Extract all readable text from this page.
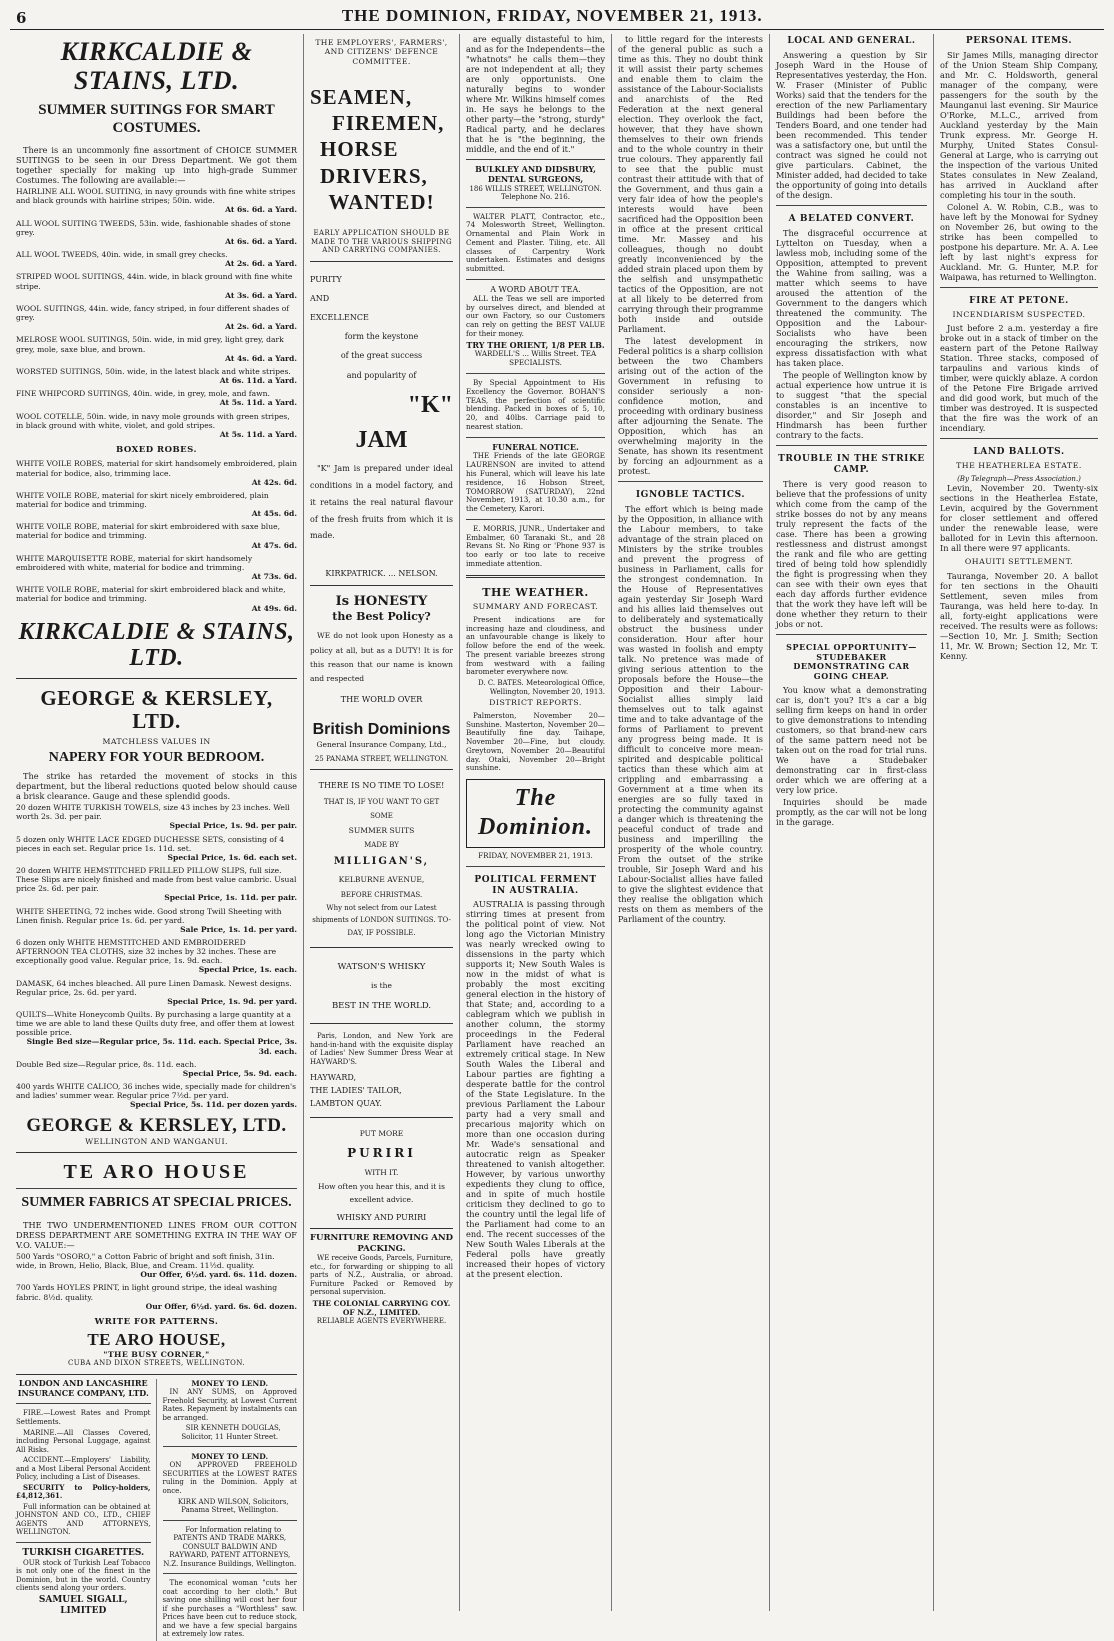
6	THE DOMINION, FRIDAY, NOVEMBER 21, 1913.
KIRKCALDIE & STAINS, LTD.
SUMMER SUITINGS FOR SMART COSTUMES.

There is an uncommonly fine assortment of CHOICE SUMMER SUITINGS to be seen in our Dress Department. We got them together specially for making up into high-grade Summer Costumes. The following are available:—

HAIRLINE ALL WOOL SUITING, in navy grounds with fine white stripes and black grounds with hairline stripes; 50in. wide.
At 6s. 6d. a Yard.
ALL WOOL SUITING TWEEDS, 53in. wide, fashionable shades of stone grey.
At 6s. 6d. a Yard.
ALL WOOL TWEEDS, 40in. wide, in small grey checks.
At 2s. 6d. a Yard.
STRIPED WOOL SUITINGS, 44in. wide, in black ground with fine white stripe.
At 3s. 6d. a Yard.
WOOL SUITINGS, 44in. wide, fancy striped, in four different shades of grey.
At 2s. 6d. a Yard.
MELROSE WOOL SUITINGS, 50in. wide, in mid grey, light grey, dark grey, mole, saxe blue, and brown.
At 4s. 6d. a Yard.
WORSTED SUITINGS, 50in. wide, in the latest black and white stripes.
At 6s. 11d. a Yard.
FINE WHIPCORD SUITINGS, 40in. wide, in grey, mole, and fawn.
At 5s. 11d. a Yard.
WOOL COTELLE, 50in. wide, in navy mole grounds with green stripes, in black ground with white, violet, and gold stripes.
At 5s. 11d. a Yard.
BOXED ROBES.
WHITE VOILE ROBES, material for skirt handsomely embroidered, plain material for bodice, also, trimming lace.
At 42s. 6d.
WHITE VOILE ROBE, material for skirt nicely embroidered, plain material for bodice and trimming.
At 45s. 6d.
WHITE VOILE ROBE, material for skirt embroidered with saxe blue, material for bodice and trimming.
At 47s. 6d.
WHITE MARQUISETTE ROBE, material for skirt handsomely embroidered with white, material for bodice and trimming.
At 73s. 6d.
WHITE VOILE ROBE, material for skirt embroidered black and white, material for bodice and trimming.
At 49s. 6d.
KIRKCALDIE & STAINS, LTD.
GEORGE & KERSLEY, LTD.
MATCHLESS VALUES IN
NAPERY FOR YOUR BEDROOM.

The strike has retarded the movement of stocks in this department, but the liberal reductions quoted below should cause a brisk clearance. Gauge and these splendid goods.

20 dozen WHITE TURKISH TOWELS, size 43 inches by 23 inches. Well worth 2s. 3d. per pair.
Special Price, 1s. 9d. per pair.
5 dozen only WHITE LACE EDGED DUCHESSE SETS, consisting of 4 pieces in each set. Regular price 1s. 11d. set.
Special Price, 1s. 6d. each set.
20 dozen WHITE HEMSTITCHED FRILLED PILLOW SLIPS, full size. These Slips are nicely finished and made from best value cambric. Usual price 2s. 6d. per pair.
Special Price, 1s. 11d. per pair.
WHITE SHEETING, 72 inches wide. Good strong Twill Sheeting with Linen finish. Regular price 1s. 6d. per yard.
Sale Price, 1s. 1d. per yard.
6 dozen only WHITE HEMSTITCHED AND EMBROIDERED AFTERNOON TEA CLOTHS, size 32 inches by 32 inches. These are exceptionally good value. Regular price, 1s. 9d. each.
Special Price, 1s. each.
DAMASK, 64 inches bleached. All pure Linen Damask. Newest designs. Regular price, 2s. 6d. per yard.
Special Price, 1s. 9d. per yard.
QUILTS—White Honeycomb Quilts. By purchasing a large quantity at a time we are able to land these Quilts duty free, and offer them at lowest possible price.
Single Bed size—Regular price, 5s. 11d. each. Special Price, 3s. 3d. each.
Double Bed size—Regular price, 8s. 11d. each.
Special Price, 5s. 9d. each.
400 yards WHITE CALICO, 36 inches wide, specially made for children's and ladies' summer wear. Regular price 7½d. per yard.
Special Price, 5s. 11d. per dozen yards.
GEORGE & KERSLEY, LTD.
WELLINGTON AND WANGANUI.
TE ARO HOUSE
SUMMER FABRICS AT SPECIAL PRICES.

THE TWO UNDERMENTIONED LINES FROM OUR COTTON DRESS DEPARTMENT ARE SOMETHING EXTRA IN THE WAY OF V.O. VALUE:—

500 Yards "OSORO," a Cotton Fabric of bright and soft finish, 31in. wide, in Brown, Helio, Black, Blue, and Cream. 11½d. quality.
Our Offer, 6½d. yard. 6s. 11d. dozen.
700 Yards HOYLES PRINT, in light ground stripe, the ideal washing fabric. 8½d. quality.
Our Offer, 6½d. yard. 6s. 6d. dozen.
WRITE FOR PATTERNS.
TE ARO HOUSE,
"THE BUSY CORNER,"
CUBA AND DIXON STREETS, WELLINGTON.
LONDON AND LANCASHIRE INSURANCE COMPANY, LTD.

FIRE.—Lowest Rates and Prompt Settlements.

MARINE.—All Classes Covered, including Personal Luggage, against All Risks.

ACCIDENT.—Employers' Liability, and a Most Liberal Personal Accident Policy, including a List of Diseases.

SECURITY to Policy-holders, £4,812,361.

Full information can be obtained at JOHNSTON AND CO., LTD., CHIEF AGENTS AND ATTORNEYS, WELLINGTON.

TURKISH CIGARETTES.

OUR stock of Turkish Leaf Tobacco is not only one of the finest in the Dominion, but in the world. Country clients send along your orders.

SAMUEL SIGALL, LIMITED
MONEY TO LEND.

IN ANY SUMS, on Approved Freehold Security, at Lowest Current Rates. Repayment by instalments can be arranged.

SIR KENNETH DOUGLAS, Solicitor, 11 Hunter Street.

MONEY TO LEND.

ON APPROVED FREEHOLD SECURITIES at the LOWEST RATES ruling in the Dominion. Apply at once.

KIRK AND WILSON, Solicitors, Panama Street, Wellington.

For Information relating to PATENTS AND TRADE MARKS, CONSULT BALDWIN AND RAYWARD, PATENT ATTORNEYS, N.Z. Insurance Buildings, Wellington.

The economical woman "cuts her coat according to her cloth." But saving one shilling will cost her four if she purchases a "Worthless" saw. Prices have been cut to reduce stock, and we have a few special bargains at extremely low rates.

THE EMPLOYERS', FARMERS', AND CITIZENS' DEFENCE COMMITTEE.
SEAMEN,
FIREMEN,
HORSE DRIVERS,
WANTED!
EARLY APPLICATION SHOULD BE MADE TO THE VARIOUS SHIPPING AND CARRYING COMPANIES.
PURITY
AND
EXCELLENCE
form the keystone
of the great success
and popularity of
"K"
JAM

"K" Jam is prepared under ideal conditions in a model factory, and it retains the real natural flavour of the fresh fruits from which it is made.

KIRKPATRICK. ... NELSON.
Is HONESTY
the Best Policy?

WE do not look upon Honesty as a policy at all, but as a DUTY! It is for this reason that our name is known and respected

THE WORLD OVER
British Dominions
General Insurance Company, Ltd.,
25 PANAMA STREET, WELLINGTON.
THERE IS NO TIME TO LOSE!
THAT IS, IF YOU WANT TO GET
SOME
SUMMER SUITS
MADE BY
MILLIGAN'S,
KELBURNE AVENUE,
BEFORE CHRISTMAS.

Why not select from our Latest shipments of LONDON SUITINGS. TO-DAY, IF POSSIBLE.

WATSON'S WHISKY
is the
BEST IN THE WORLD.

Paris, London, and New York are hand-in-hand with the exquisite display of Ladies' New Summer Dress Wear at HAYWARD'S.

HAYWARD,
THE LADIES' TAILOR,
LAMBTON QUAY.
PUT MORE
PURIRI
WITH IT.

How often you hear this, and it is excellent advice.

WHISKY AND PURIRI
FURNITURE REMOVING AND PACKING.

WE receive Goods, Parcels, Furniture, etc., for forwarding or shipping to all parts of N.Z., Australia, or abroad. Furniture Packed or Removed by personal supervision.

THE COLONIAL CARRYING COY. OF N.Z., LIMITED.
RELIABLE AGENTS EVERYWHERE.

are equally distasteful to him, and as for the Independents—the "whatnots" he calls them—they are not independent at all; they are only opportunists. One naturally begins to wonder where Mr. Wilkins himself comes in. He says he belongs to the other party—the "strong, sturdy" Radical party, and he declares that he is "the beginning, the middle, and the end of it."

BULKLEY AND DIDSBURY, DENTAL SURGEONS,
186 WILLIS STREET, WELLINGTON. Telephone No. 216.

WALTER PLATT, Contractor, etc., 74 Molesworth Street, Wellington. Ornamental and Plain Work in Cement and Plaster. Tiling, etc. All classes of Carpentry Work undertaken. Estimates and designs submitted.

A WORD ABOUT TEA.

ALL the Teas we sell are imported by ourselves direct, and blended at our own Factory, so our Customers can rely on getting the BEST VALUE for their money.

TRY THE ORIENT, 1/8 PER LB.
WARDELL'S ... Willis Street. TEA SPECIALISTS.

By Special Appointment to His Excellency the Governor. BOHAN'S TEAS, the perfection of scientific blending. Packed in boxes of 5, 10, 20, and 40lbs. Carriage paid to nearest station.

FUNERAL NOTICE.

THE Friends of the late GEORGE LAURENSON are invited to attend his Funeral, which will leave his late residence, 16 Hobson Street, TOMORROW (SATURDAY), 22nd November, 1913, at 10.30 a.m., for the Cemetery, Karori.

E. MORRIS, JUNR., Undertaker and Embalmer, 60 Taranaki St., and 28 Revans St. No Ring or 'Phone 937 is too early or too late to receive immediate attention.

THE WEATHER.
SUMMARY AND FORECAST.

Present indications are for increasing haze and cloudiness, and an unfavourable change is likely to follow before the end of the week. The present variable breezes strong from westward with a failing barometer everywhere now.

D. C. BATES. Meteorological Office, Wellington, November 20, 1913.

DISTRICT REPORTS.

Palmerston, November 20—Sunshine. Masterton, November 20—Beautifully fine day. Taihape, November 20—Fine, but cloudy. Greytown, November 20—Beautiful day. Otaki, November 20—Bright sunshine.

The Dominion.
FRIDAY, NOVEMBER 21, 1913.
POLITICAL FERMENT IN AUSTRALIA.

AUSTRALIA is passing through stirring times at present from the political point of view. Not long ago the Victorian Ministry was nearly wrecked owing to dissensions in the party which supports it; New South Wales is now in the midst of what is probably the most exciting general election in the history of that State; and, according to a cablegram which we publish in another column, the stormy proceedings in the Federal Parliament have reached an extremely critical stage. In New South Wales the Liberal and Labour parties are fighting a desperate battle for the control of the State Legislature. In the previous Parliament the Labour party had a very small and precarious majority which on more than one occasion during Mr. Wade's sensational and autocratic reign as Speaker threatened to vanish altogether. However, by various unworthy expedients they clung to office, and in spite of much hostile criticism they declined to go to the country until the legal life of the Parliament had come to an end. The recent successes of the New South Wales Liberals at the Federal polls have greatly increased their hopes of victory at the present election.

to little regard for the interests of the general public as such a time as this. They no doubt think it will assist their party schemes and enable them to claim the assistance of the Labour-Socialists and anarchists of the Red Federation at the next general election. They overlook the fact, however, that they have shown themselves to their own friends and to the whole country in their true colours. They apparently fail to see that the public must contrast their attitude with that of the Government, and thus gain a very fair idea of how the people's interests would have been sacrificed had the Opposition been in office at the present critical time. Mr. Massey and his colleagues, though no doubt greatly inconvenienced by the added strain placed upon them by the selfish and unsympathetic tactics of the Opposition, are not at all likely to be deterred from carrying through their programme both inside and outside Parliament.

The latest development in Federal politics is a sharp collision between the two Chambers arising out of the action of the Government in refusing to consider seriously a non-confidence motion, and proceeding with ordinary business after adjourning the Senate. The Opposition, which has an overwhelming majority in the Senate, has shown its resentment by forcing an adjournment as a protest.

IGNOBLE TACTICS.

The effort which is being made by the Opposition, in alliance with the Labour members, to take advantage of the strain placed on Ministers by the strike troubles and prevent the progress of business in Parliament, calls for the strongest condemnation. In the House of Representatives again yesterday Sir Joseph Ward and his allies laid themselves out to deliberately and systematically obstruct the business under consideration. Hour after hour was wasted in foolish and empty talk. No pretence was made of giving serious attention to the proposals before the House—the Opposition and their Labour-Socialist allies simply laid themselves out to talk against time and to take advantage of the forms of Parliament to prevent any progress being made. It is difficult to conceive more mean-spirited and despicable political tactics than these which aim at crippling and embarrassing a Government at a time when its energies are so fully taxed in protecting the community against a danger which is threatening the peaceful conduct of trade and business and imperilling the prosperity of the whole country. From the outset of the strike trouble, Sir Joseph Ward and his Labour-Socialist allies have failed to give the slightest evidence that they realise the obligation which rests on them as members of the Parliament of the country.

LOCAL AND GENERAL.

Answering a question by Sir Joseph Ward in the House of Representatives yesterday, the Hon. W. Fraser (Minister of Public Works) said that the tenders for the erection of the new Parliamentary Buildings had been before the Tenders Board, and one tender had been recommended. This tender was a satisfactory one, but until the contract was signed he could not give particulars. Cabinet, the Minister added, had decided to take the opportunity of going into details of the design.

A BELATED CONVERT.

The disgraceful occurrence at Lyttelton on Tuesday, when a lawless mob, including some of the Opposition, attempted to prevent the Wahine from sailing, was a matter which seems to have aroused the attention of the Government to the dangers which threatened the community. The Opposition and the Labour-Socialists who have been encouraging the strikers, now express dissatisfaction with what has taken place.

The people of Wellington know by actual experience how untrue it is to suggest "that the special constables is an incentive to disorder," and Sir Joseph and Hindmarsh has been further contrary to the facts.

TROUBLE IN THE STRIKE CAMP.

There is very good reason to believe that the professions of unity which come from the camp of the strike bosses do not by any means truly represent the facts of the case. There has been a growing restlessness and distrust amongst the rank and file who are getting tired of being told how splendidly the fight is progressing when they can see with their own eyes that each day affords further evidence that the work they have left will be done whether they return to their jobs or not.

SPECIAL OPPORTUNITY—STUDEBAKER DEMONSTRATING CAR GOING CHEAP.

You know what a demonstrating car is, don't you? It's a car a big selling firm keeps on hand in order to give demonstrations to intending customers, so that brand-new cars of the same pattern need not be taken out on the road for trial runs. We have a Studebaker demonstrating car in first-class order which we are offering at a very low price.

Inquiries should be made promptly, as the car will not be long in the garage.

PERSONAL ITEMS.

Sir James Mills, managing director of the Union Steam Ship Company, and Mr. C. Holdsworth, general manager of the company, were passengers for the south by the Maunganui last evening. Sir Maurice O'Rorke, M.L.C., arrived from Auckland yesterday by the Main Trunk express. Mr. George H. Murphy, United States Consul-General at Large, who is carrying out the inspection of the various United States consulates in New Zealand, has arrived in Auckland after completing his tour in the south.

Colonel A. W. Robin, C.B., was to have left by the Monowai for Sydney on November 26, but owing to the strike has been compelled to postpone his departure. Mr. A. A. Lee left by last night's express for Auckland. Mr. G. Hunter, M.P. for Waipawa, has returned to Wellington.

FIRE AT PETONE.
INCENDIARISM SUSPECTED.

Just before 2 a.m. yesterday a fire broke out in a stack of timber on the eastern part of the Petone Railway Station. Three stacks, composed of tarpaulins and various kinds of timber, were quickly ablaze. A cordon of the Petone Fire Brigade arrived and did good work, but much of the timber was destroyed. It is suspected that the fire was the work of an incendiary.

LAND BALLOTS.
THE HEATHERLEA ESTATE.
(By Telegraph—Press Association.)

Levin, November 20. Twenty-six sections in the Heatherlea Estate, Levin, acquired by the Government for closer settlement and offered under the renewable lease, were balloted for in Levin this afternoon. In all there were 97 applicants.

OHAUITI SETTLEMENT.

Tauranga, November 20. A ballot for ten sections in the Ohauiti Settlement, seven miles from Tauranga, was held here to-day. In all, forty-eight applications were received. The results were as follows:—Section 10, Mr. J. Smith; Section 11, Mr. W. Brown; Section 12, Mr. T. Kenny.
